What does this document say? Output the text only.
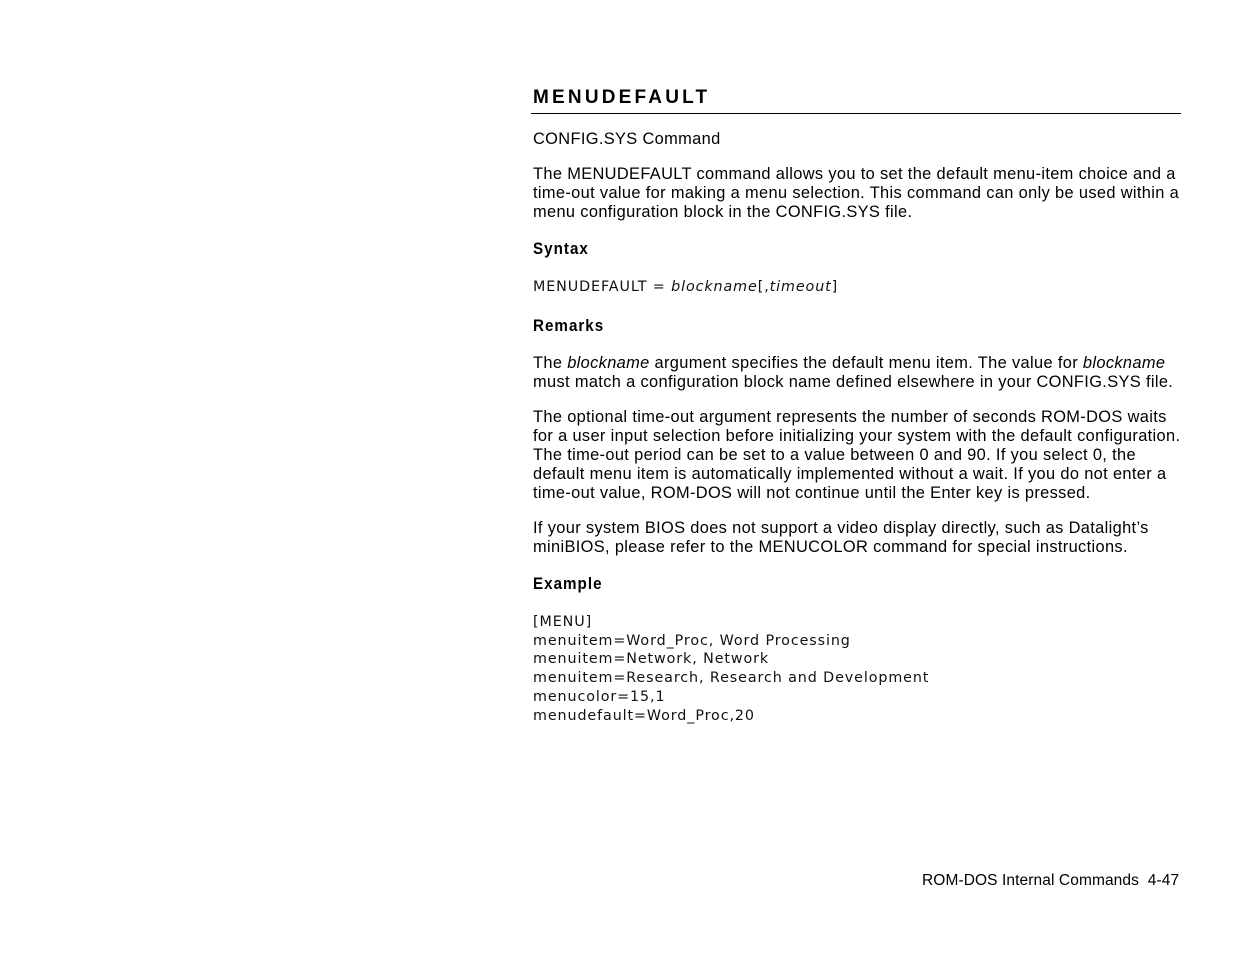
MENUDEFAULT

CONFIG.SYS Command

The MENUDEFAULT command allows you to set the default menu-item choice and a time-out value for making a menu selection. This command can only be used within a menu configuration block in the CONFIG.SYS file.

Syntax

MENUDEFAULT = blockname[,timeout]

Remarks

The blockname argument specifies the default menu item. The value for blockname must match a configuration block name defined elsewhere in your CONFIG.SYS file.

The optional time-out argument represents the number of seconds ROM-DOS waits for a user input selection before initializing your system with the default configuration. The time-out period can be set to a value between 0 and 90. If you select 0, the default menu item is automatically implemented without a wait. If you do not enter a time-out value, ROM-DOS will not continue until the Enter key is pressed.

If your system BIOS does not support a video display directly, such as Datalight’s miniBIOS, please refer to the MENUCOLOR command for special instructions.

Example
[MENU]
menuitem=Word_Proc, Word Processing
menuitem=Network, Network
menuitem=Research, Research and Development
menucolor=15,1
menudefault=Word_Proc,20
ROM-DOS Internal Commands  4-47
